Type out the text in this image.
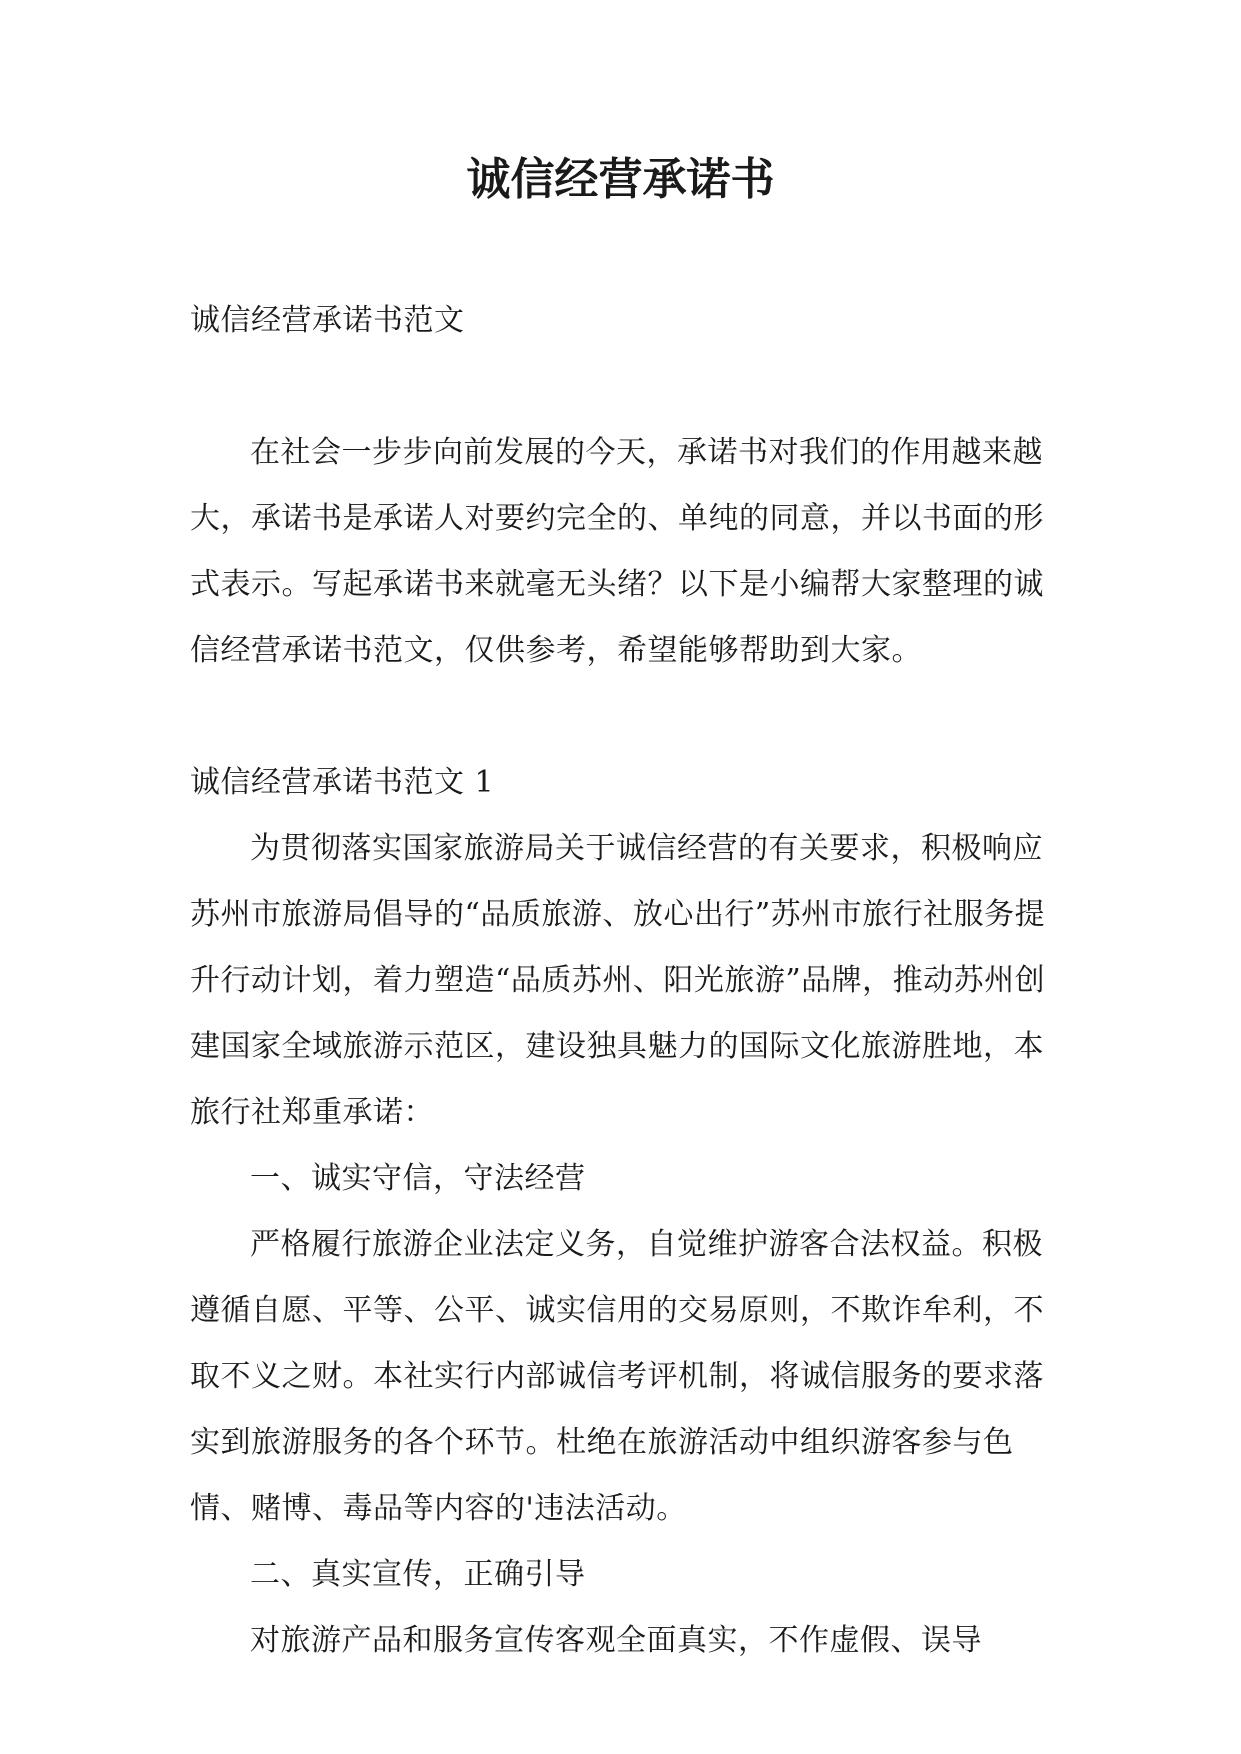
诚信经营承诺书

诚信经营承诺书范文

在社会一步步向前发展的今天，承诺书对我们的作用越来越大，承诺书是承诺人对要约完全的、单纯的同意，并以书面的形式表示。写起承诺书来就毫无头绪？以下是小编帮大家整理的诚信经营承诺书范文，仅供参考，希望能够帮助到大家。

诚信经营承诺书范文 1

为贯彻落实国家旅游局关于诚信经营的有关要求，积极响应苏州市旅游局倡导的“品质旅游、放心出行”苏州市旅行社服务提升行动计划，着力塑造“品质苏州、阳光旅游”品牌，推动苏州创建国家全域旅游示范区，建设独具魅力的国际文化旅游胜地，本旅行社郑重承诺：

一、诚实守信，守法经营

严格履行旅游企业法定义务，自觉维护游客合法权益。积极遵循自愿、平等、公平、诚实信用的交易原则，不欺诈牟利，不取不义之财。本社实行内部诚信考评机制，将诚信服务的要求落实到旅游服务的各个环节。杜绝在旅游活动中组织游客参与色情、赌博、毒品等内容的'违法活动。

二、真实宣传，正确引导

对旅游产品和服务宣传客观全面真实，不作虚假、误导
